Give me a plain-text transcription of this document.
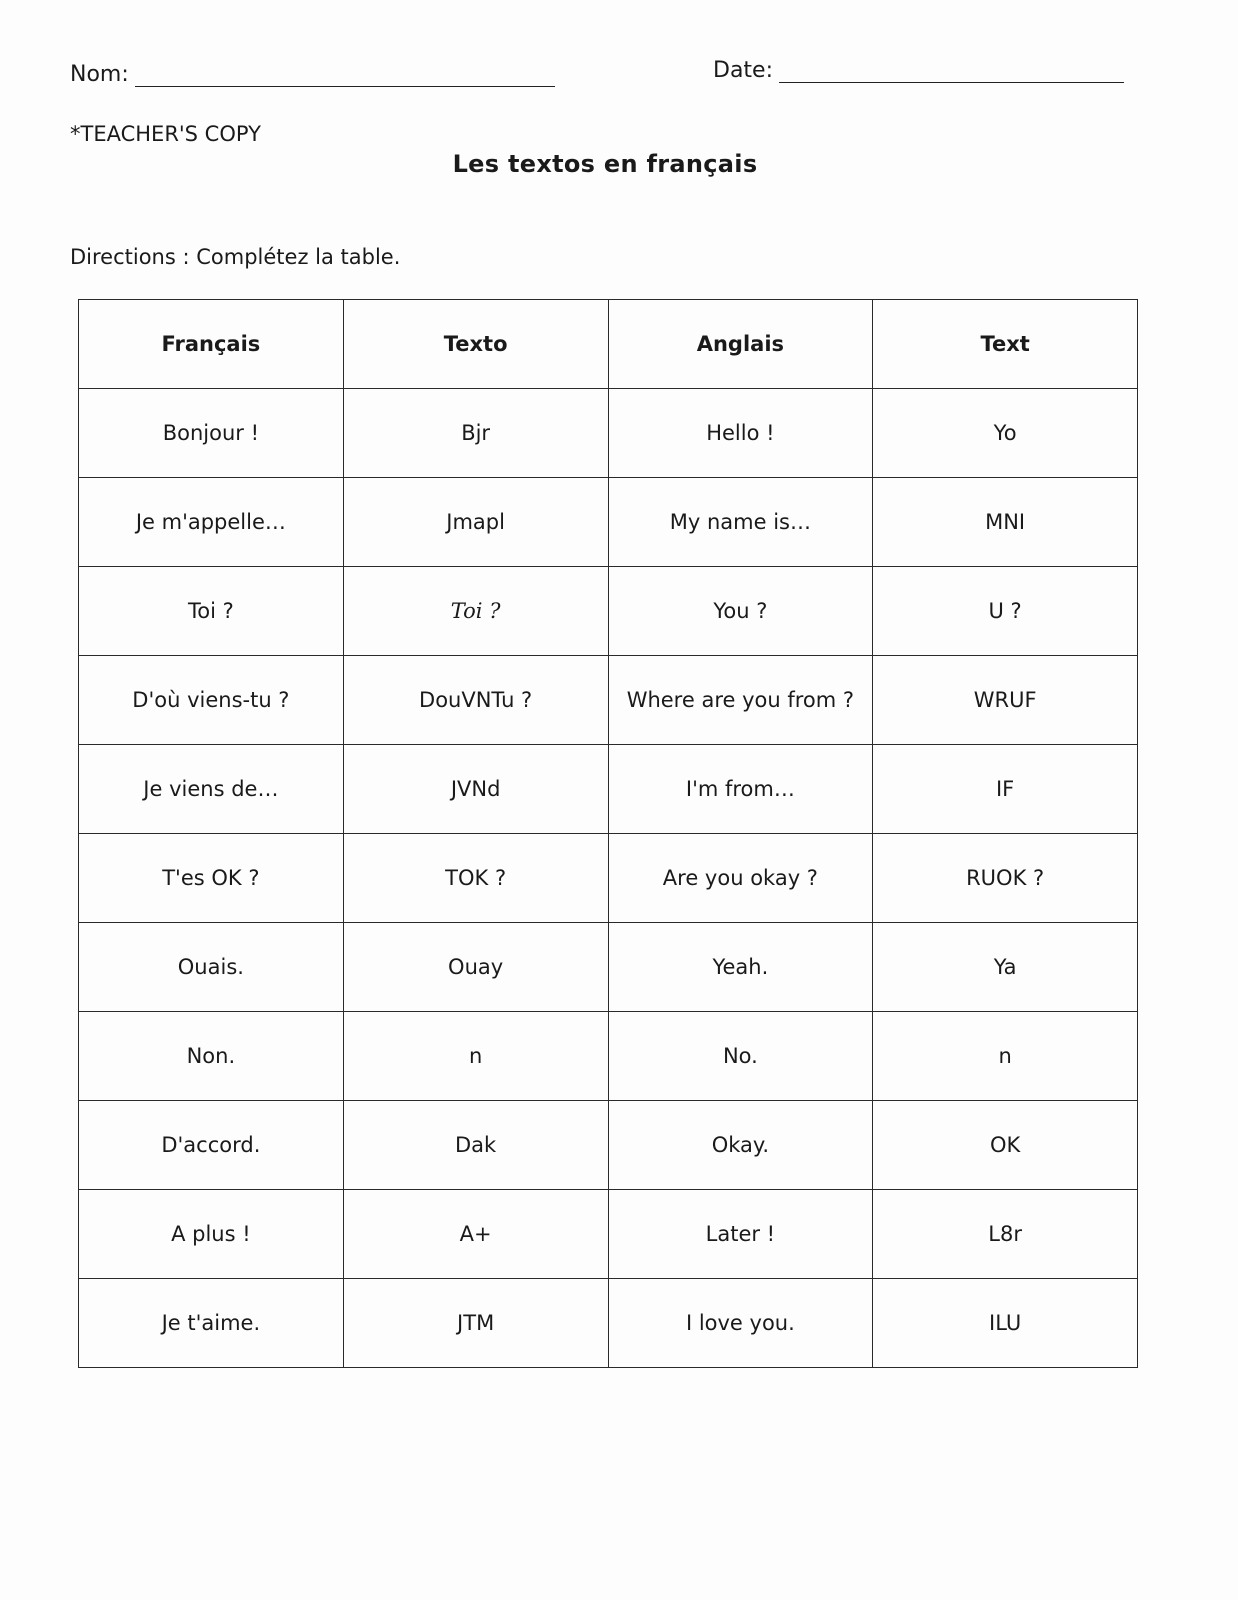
Nom:	Date:
*TEACHER'S COPY
Les textos en français
Directions : Complétez la table.
Français	Texto	Anglais	Text
Bonjour !	Bjr	Hello !	Yo
Je m'appelle…	Jmapl	My name is…	MNI
Toi ?	Toi ?	You ?	U ?
D'où viens-tu ?	DouVNTu ?	Where are you from ?	WRUF
Je viens de…	JVNd	I'm from…	IF
T'es OK ?	TOK ?	Are you okay ?	RUOK ?
Ouais.	Ouay	Yeah.	Ya
Non.	n	No.	n
D'accord.	Dak	Okay.	OK
A plus !	A+	Later !	L8r
Je t'aime.	JTM	I love you.	ILU
